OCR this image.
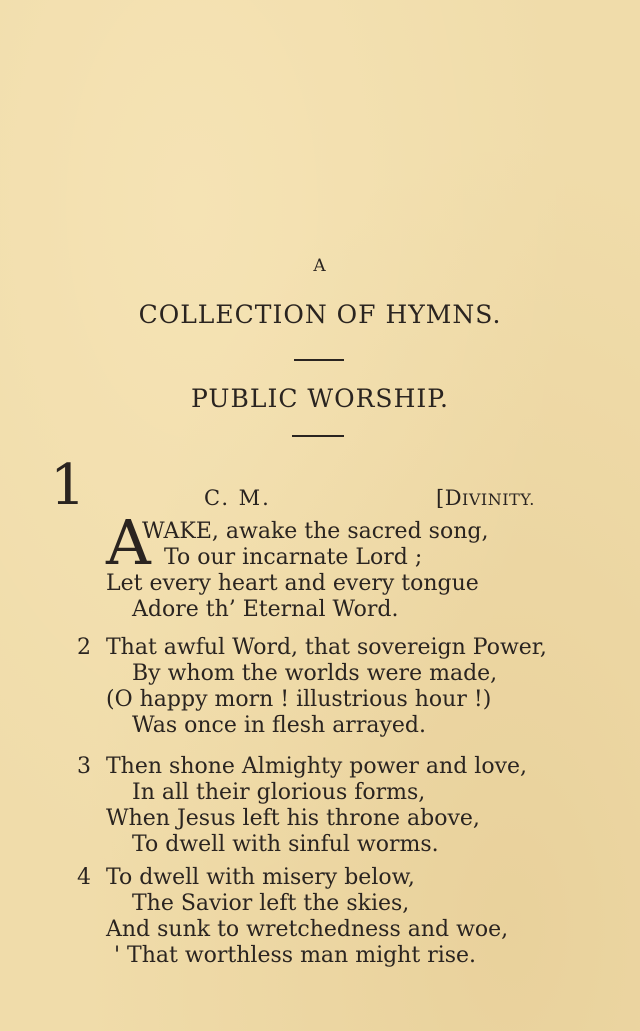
A
COLLECTION OF HYMNS.
PUBLIC WORSHIP.
1	C. M.	[DIVINITY.
A
WAKE, awake the sacred song,
To our incarnate Lord ;
Let every heart and every tongue
Adore th’ Eternal Word.
2 That awful Word, that sovereign Power,
By whom the worlds were made,
(O happy morn ! illustrious hour !)
Was once in flesh arrayed.
3 Then shone Almighty power and love,
In all their glorious forms,
When Jesus left his throne above,
To dwell with sinful worms.
4 To dwell with misery below,
The Savior left the skies,
And sunk to wretchedness and woe,
' That worthless man might rise.
